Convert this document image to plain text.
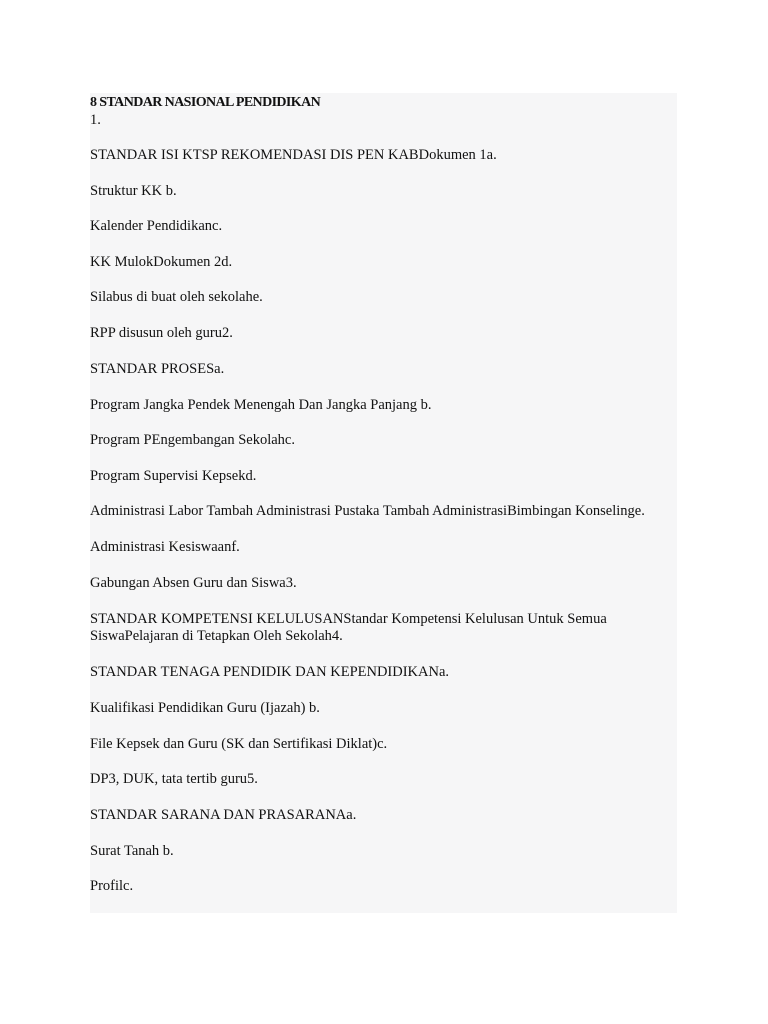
8 STANDAR NASIONAL PENDIDIKAN
1.
STANDAR ISI KTSP REKOMENDASI DIS PEN KABDokumen 1a.
Struktur KK b.
Kalender Pendidikanc.
KK MulokDokumen 2d.
Silabus di buat oleh sekolahe.
RPP disusun oleh guru2.
STANDAR PROSESa.
Program Jangka Pendek Menengah Dan Jangka Panjang b.
Program PEngembangan Sekolahc.
Program Supervisi Kepsekd.
Administrasi Labor Tambah Administrasi Pustaka Tambah AdministrasiBimbingan Konselinge.
Administrasi Kesiswaanf.
Gabungan Absen Guru dan Siswa3.
STANDAR KOMPETENSI KELULUSANStandar Kompetensi Kelulusan Untuk Semua
SiswaPelajaran di Tetapkan Oleh Sekolah4.
STANDAR TENAGA PENDIDIK DAN KEPENDIDIKANa.
Kualifikasi Pendidikan Guru (Ijazah) b.
File Kepsek dan Guru (SK dan Sertifikasi Diklat)c.
DP3, DUK, tata tertib guru5.
STANDAR SARANA DAN PRASARANAa.
Surat Tanah b.
Profilc.
